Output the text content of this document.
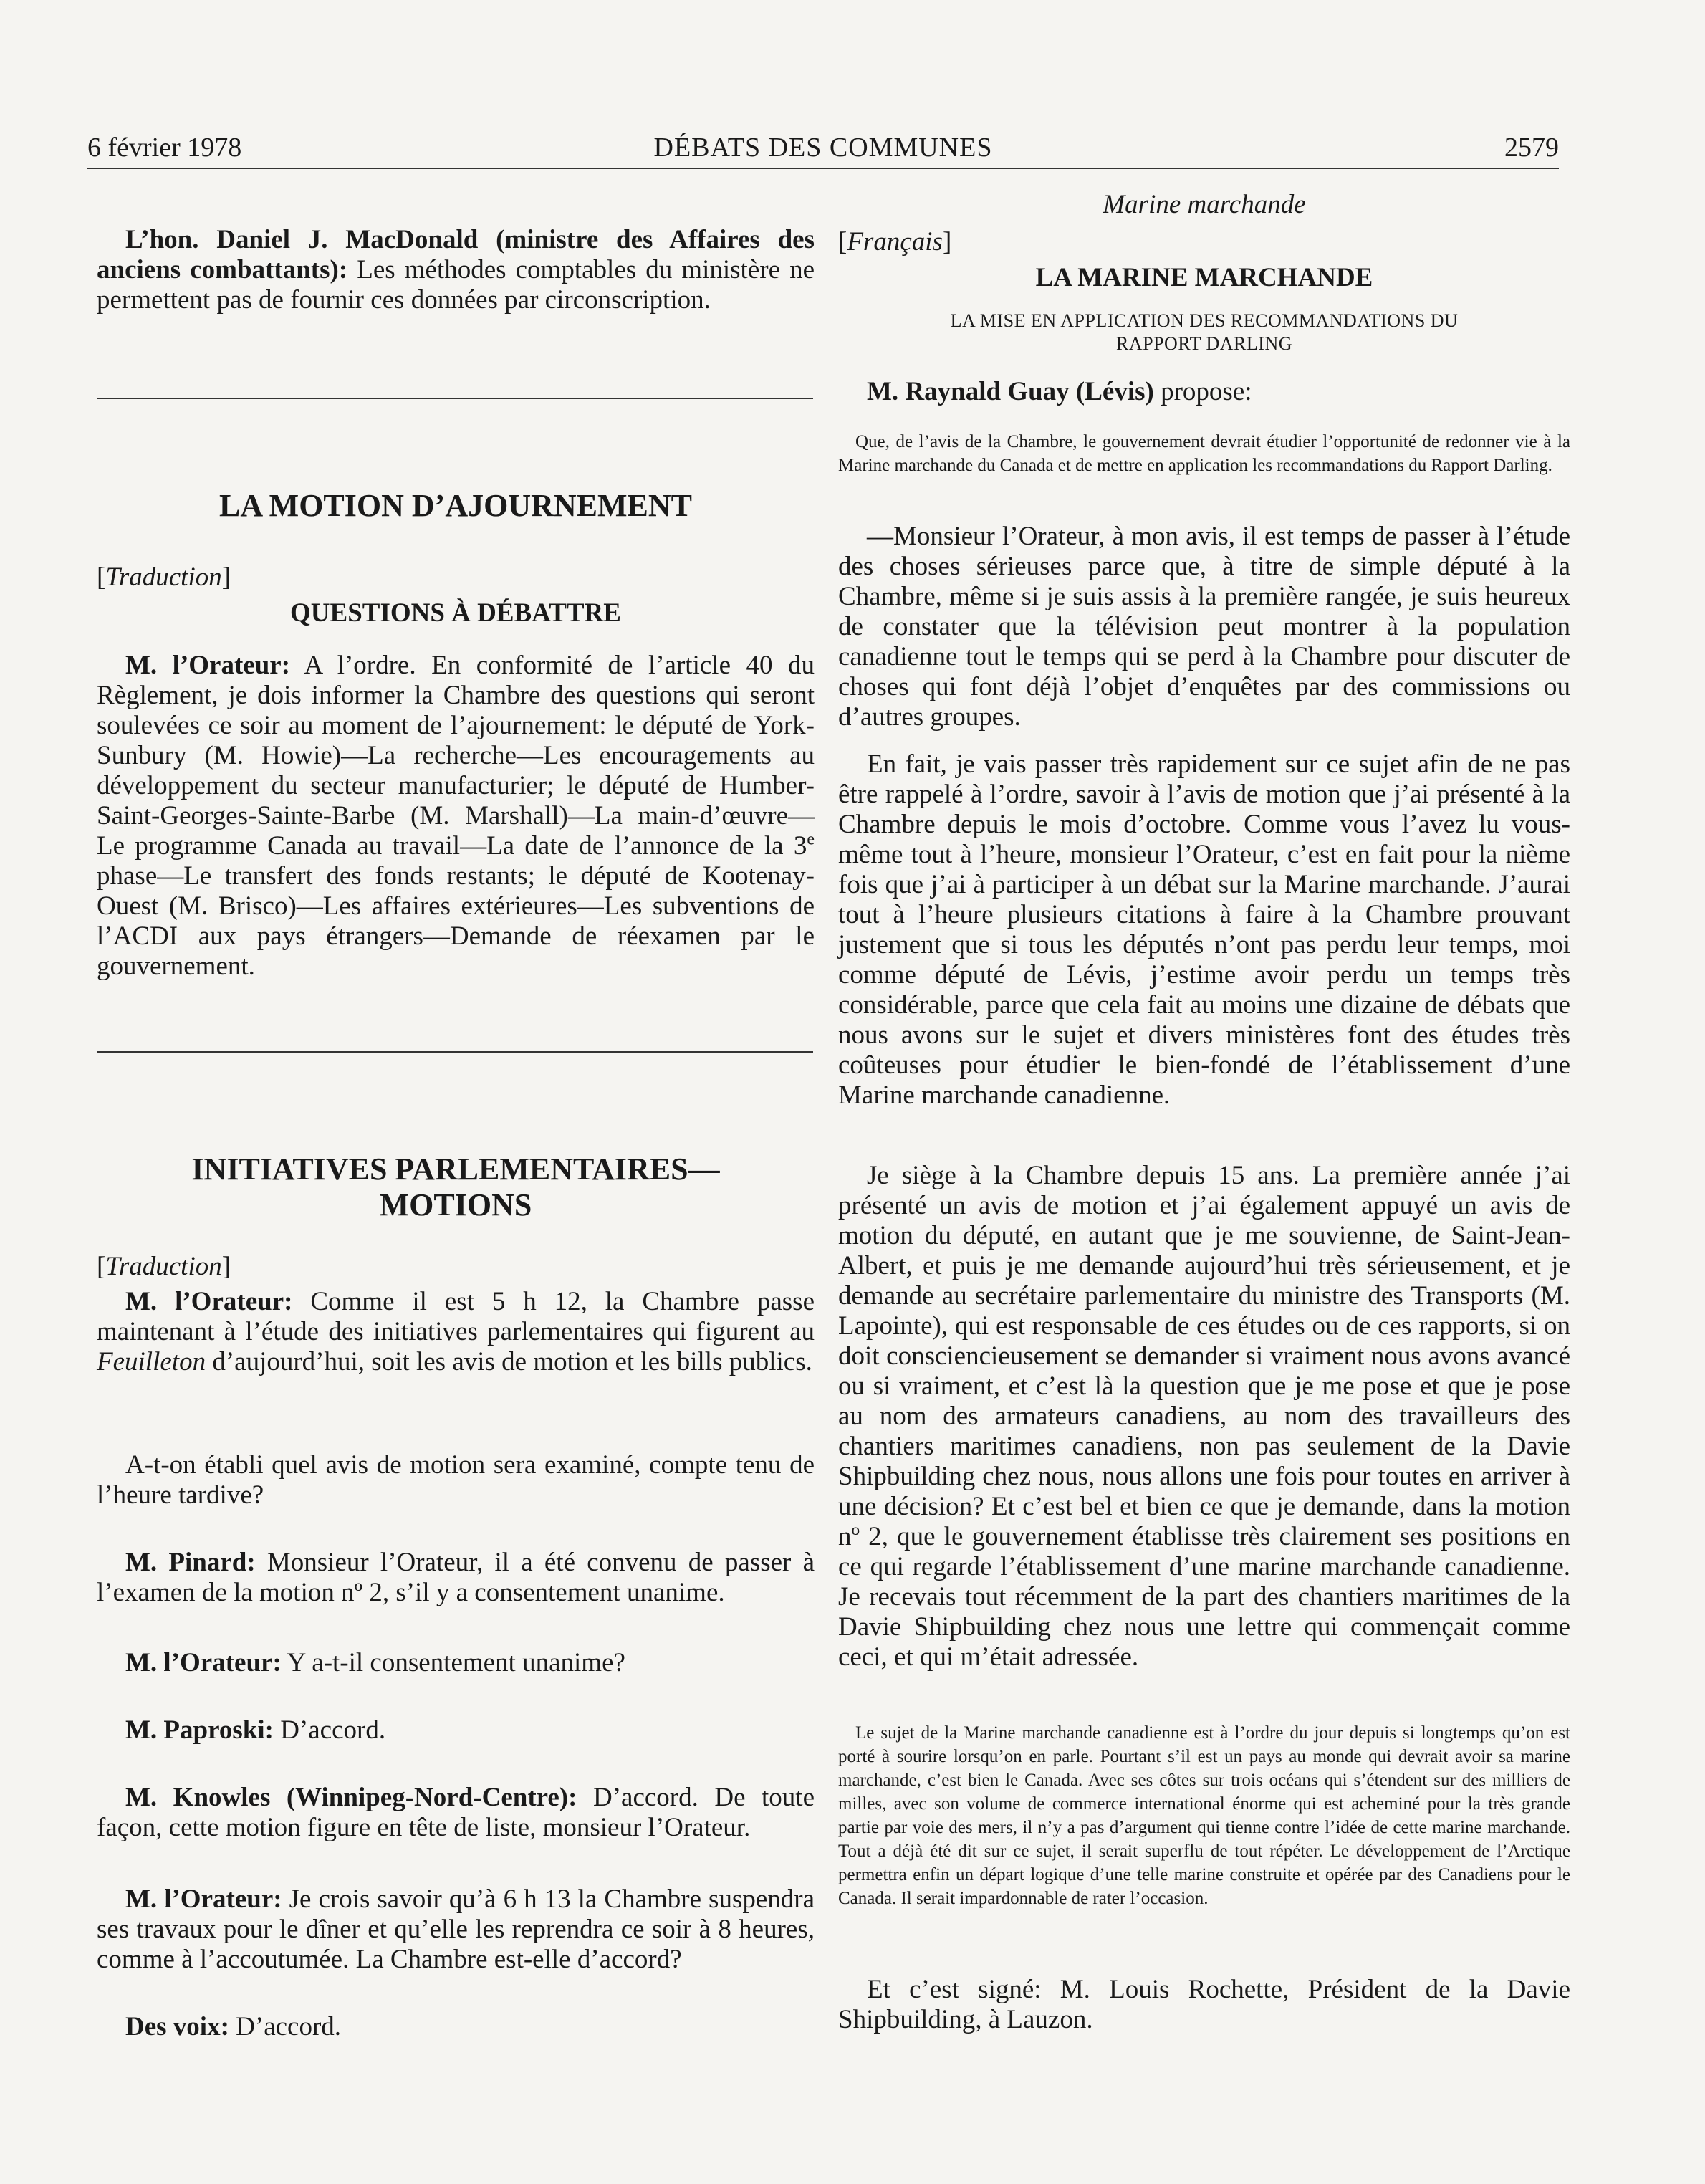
6 février 1978	DÉBATS DES COMMUNES	2579

L’hon. Daniel J. MacDonald (ministre des Affaires des anciens combattants): Les méthodes comptables du ministère ne permettent pas de fournir ces données par circonscription.

LA MOTION D’AJOURNEMENT

[Traduction]

QUESTIONS À DÉBATTRE

M. l’Orateur: A l’ordre. En conformité de l’article 40 du Règlement, je dois informer la Chambre des questions qui seront soulevées ce soir au moment de l’ajournement: le député de York-Sunbury (M. Howie)—La recherche—Les encouragements au développement du secteur manufacturier; le député de Humber-Saint-Georges-Sainte-Barbe (M. Marshall)—La main-d’œuvre—Le programme Canada au travail—La date de l’annonce de la 3e phase—Le transfert des fonds restants; le député de Kootenay-Ouest (M. Brisco)—Les affaires extérieures—Les subventions de l’ACDI aux pays étrangers—Demande de réexamen par le gouvernement.

INITIATIVES PARLEMENTAIRES—

MOTIONS

[Traduction]

M. l’Orateur: Comme il est 5 h 12, la Chambre passe maintenant à l’étude des initiatives parlementaires qui figurent au Feuilleton d’aujourd’hui, soit les avis de motion et les bills publics.

A-t-on établi quel avis de motion sera examiné, compte tenu de l’heure tardive?

M. Pinard: Monsieur l’Orateur, il a été convenu de passer à l’examen de la motion nº 2, s’il y a consentement unanime.

M. l’Orateur: Y a-t-il consentement unanime?

M. Paproski: D’accord.

M. Knowles (Winnipeg-Nord-Centre): D’accord. De toute façon, cette motion figure en tête de liste, monsieur l’Orateur.

M. l’Orateur: Je crois savoir qu’à 6 h 13 la Chambre suspendra ses travaux pour le dîner et qu’elle les reprendra ce soir à 8 heures, comme à l’accoutumée. La Chambre est-elle d’accord?

Des voix: D’accord.

Marine marchande

[Français]

LA MARINE MARCHANDE

LA MISE EN APPLICATION DES RECOMMANDATIONS DU

RAPPORT DARLING

M. Raynald Guay (Lévis) propose:

Que, de l’avis de la Chambre, le gouvernement devrait étudier l’opportunité de redonner vie à la Marine marchande du Canada et de mettre en application les recommandations du Rapport Darling.

—Monsieur l’Orateur, à mon avis, il est temps de passer à l’étude des choses sérieuses parce que, à titre de simple député à la Chambre, même si je suis assis à la première rangée, je suis heureux de constater que la télévision peut montrer à la population canadienne tout le temps qui se perd à la Chambre pour discuter de choses qui font déjà l’objet d’enquêtes par des commissions ou d’autres groupes.

En fait, je vais passer très rapidement sur ce sujet afin de ne pas être rappelé à l’ordre, savoir à l’avis de motion que j’ai présenté à la Chambre depuis le mois d’octobre. Comme vous l’avez lu vous-même tout à l’heure, monsieur l’Orateur, c’est en fait pour la nième fois que j’ai à participer à un débat sur la Marine marchande. J’aurai tout à l’heure plusieurs citations à faire à la Chambre prouvant justement que si tous les députés n’ont pas perdu leur temps, moi comme député de Lévis, j’estime avoir perdu un temps très considérable, parce que cela fait au moins une dizaine de débats que nous avons sur le sujet et divers ministères font des études très coûteuses pour étudier le bien-fondé de l’établissement d’une Marine marchande canadienne.

Je siège à la Chambre depuis 15 ans. La première année j’ai présenté un avis de motion et j’ai également appuyé un avis de motion du député, en autant que je me souvienne, de Saint-Jean-Albert, et puis je me demande aujourd’hui très sérieusement, et je demande au secrétaire parlementaire du ministre des Transports (M. Lapointe), qui est responsable de ces études ou de ces rapports, si on doit consciencieusement se demander si vraiment nous avons avancé ou si vraiment, et c’est là la question que je me pose et que je pose au nom des armateurs canadiens, au nom des travailleurs des chantiers maritimes canadiens, non pas seulement de la Davie Shipbuilding chez nous, nous allons une fois pour toutes en arriver à une décision? Et c’est bel et bien ce que je demande, dans la motion nº 2, que le gouvernement établisse très clairement ses positions en ce qui regarde l’établissement d’une marine marchande canadienne. Je recevais tout récemment de la part des chantiers maritimes de la Davie Shipbuilding chez nous une lettre qui commençait comme ceci, et qui m’était adressée.

Le sujet de la Marine marchande canadienne est à l’ordre du jour depuis si longtemps qu’on est porté à sourire lorsqu’on en parle. Pourtant s’il est un pays au monde qui devrait avoir sa marine marchande, c’est bien le Canada. Avec ses côtes sur trois océans qui s’étendent sur des milliers de milles, avec son volume de commerce international énorme qui est acheminé pour la très grande partie par voie des mers, il n’y a pas d’argument qui tienne contre l’idée de cette marine marchande. Tout a déjà été dit sur ce sujet, il serait superflu de tout répéter. Le développement de l’Arctique permettra enfin un départ logique d’une telle marine construite et opérée par des Canadiens pour le Canada. Il serait impardonnable de rater l’occasion.

Et c’est signé: M. Louis Rochette, Président de la Davie Shipbuilding, à Lauzon.
